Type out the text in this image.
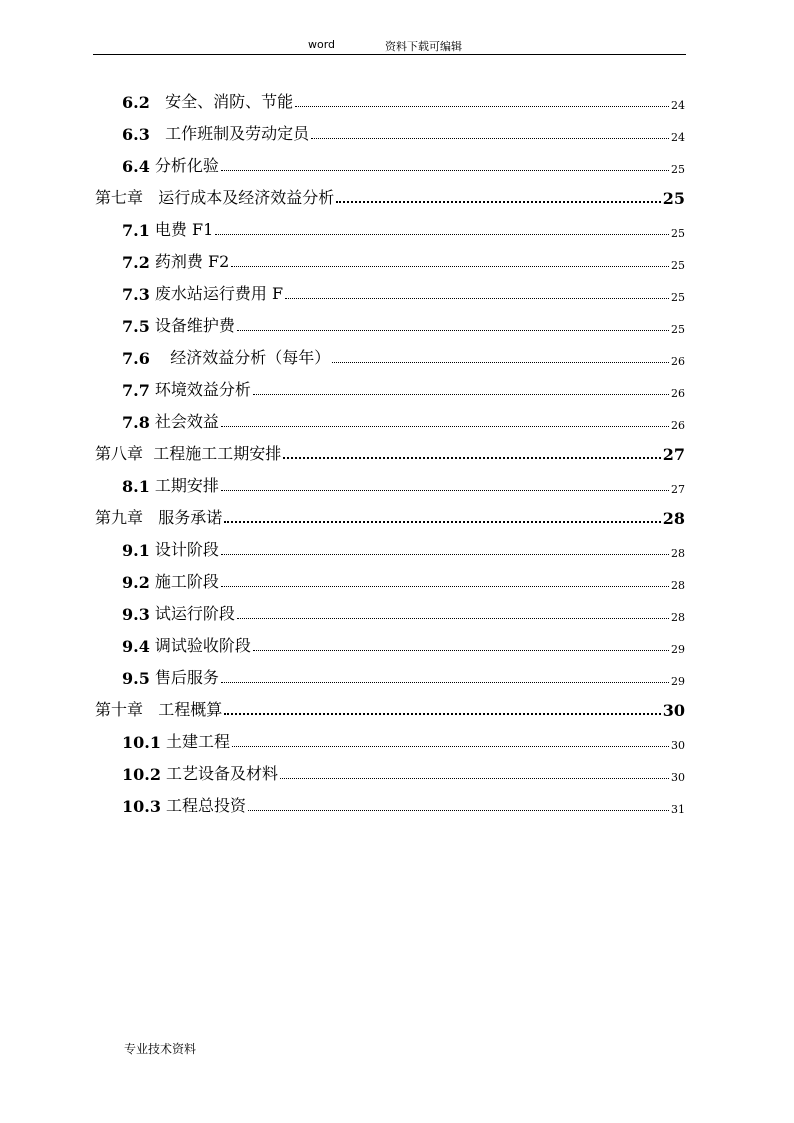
word	资料下载可编辑
6.2 安全、消防、节能	24
6.3 工作班制及劳动定员	24
6.4 分析化验	25
第七章 运行成本及经济效益分析	25
7.1 电费 F1	25
7.2 药剂费 F2	25
7.3 废水站运行费用 F	25
7.5 设备维护费	25
7.6 经济效益分析（每年）	26
7.7 环境效益分析	26
7.8 社会效益	26
第八章 工程施工工期安排	27
8.1 工期安排	27
第九章 服务承诺	28
9.1 设计阶段	28
9.2 施工阶段	28
9.3 试运行阶段	28
9.4 调试验收阶段	29
9.5 售后服务	29
第十章 工程概算	30
10.1 土建工程	30
10.2 工艺设备及材料	30
10.3 工程总投资	31
专业技术资料
